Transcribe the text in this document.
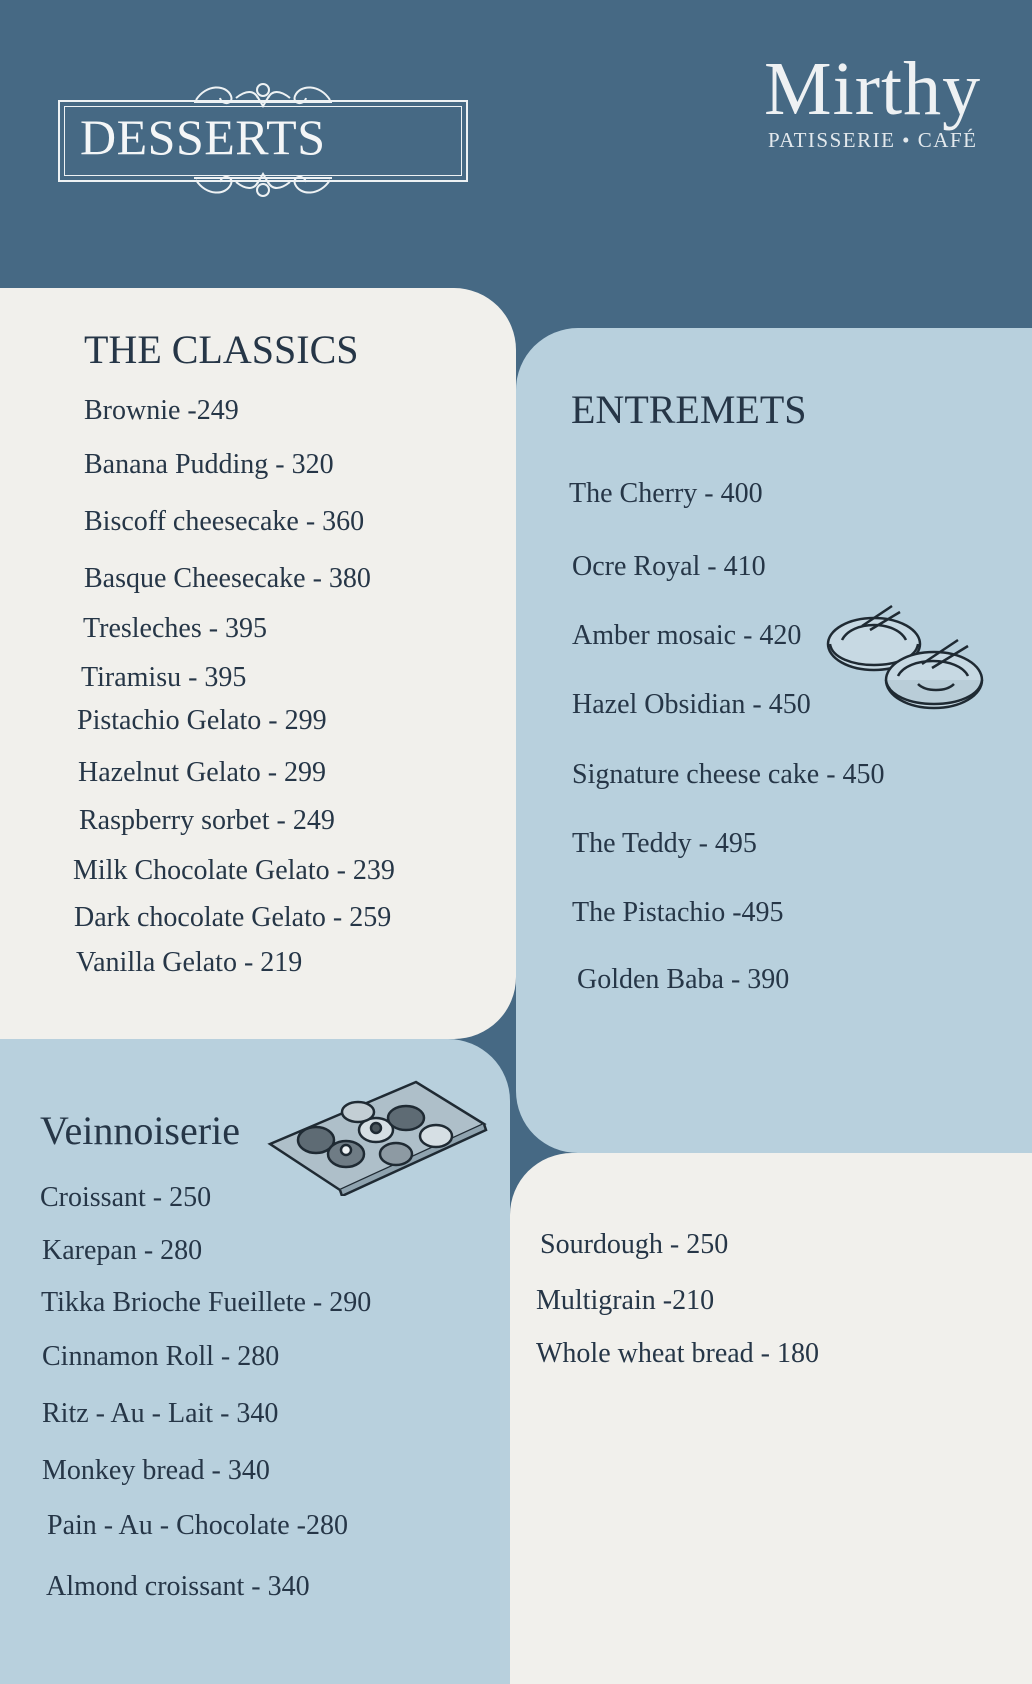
DESSERTS
Mirthy
PATISSERIE • CAFÉ
THE CLASSICS
Brownie -249
Banana Pudding - 320
Biscoff cheesecake - 360
Basque Cheesecake - 380
Tresleches - 395
Tiramisu - 395
Pistachio Gelato - 299
Hazelnut Gelato - 299
Raspberry sorbet - 249
Milk Chocolate Gelato - 239
Dark chocolate Gelato - 259
Vanilla Gelato - 219
ENTREMETS
The Cherry - 400
Ocre Royal - 410
Amber mosaic - 420
Hazel Obsidian - 450
Signature cheese cake - 450
The Teddy - 495
The Pistachio -495
Golden Baba - 390
Veinnoiserie
Croissant - 250
Karepan - 280
Tikka Brioche Fueillete - 290
Cinnamon Roll - 280
Ritz - Au - Lait - 340
Monkey bread - 340
Pain - Au - Chocolate -280
Almond croissant - 340
Sourdough - 250
Multigrain -210
Whole wheat bread - 180
